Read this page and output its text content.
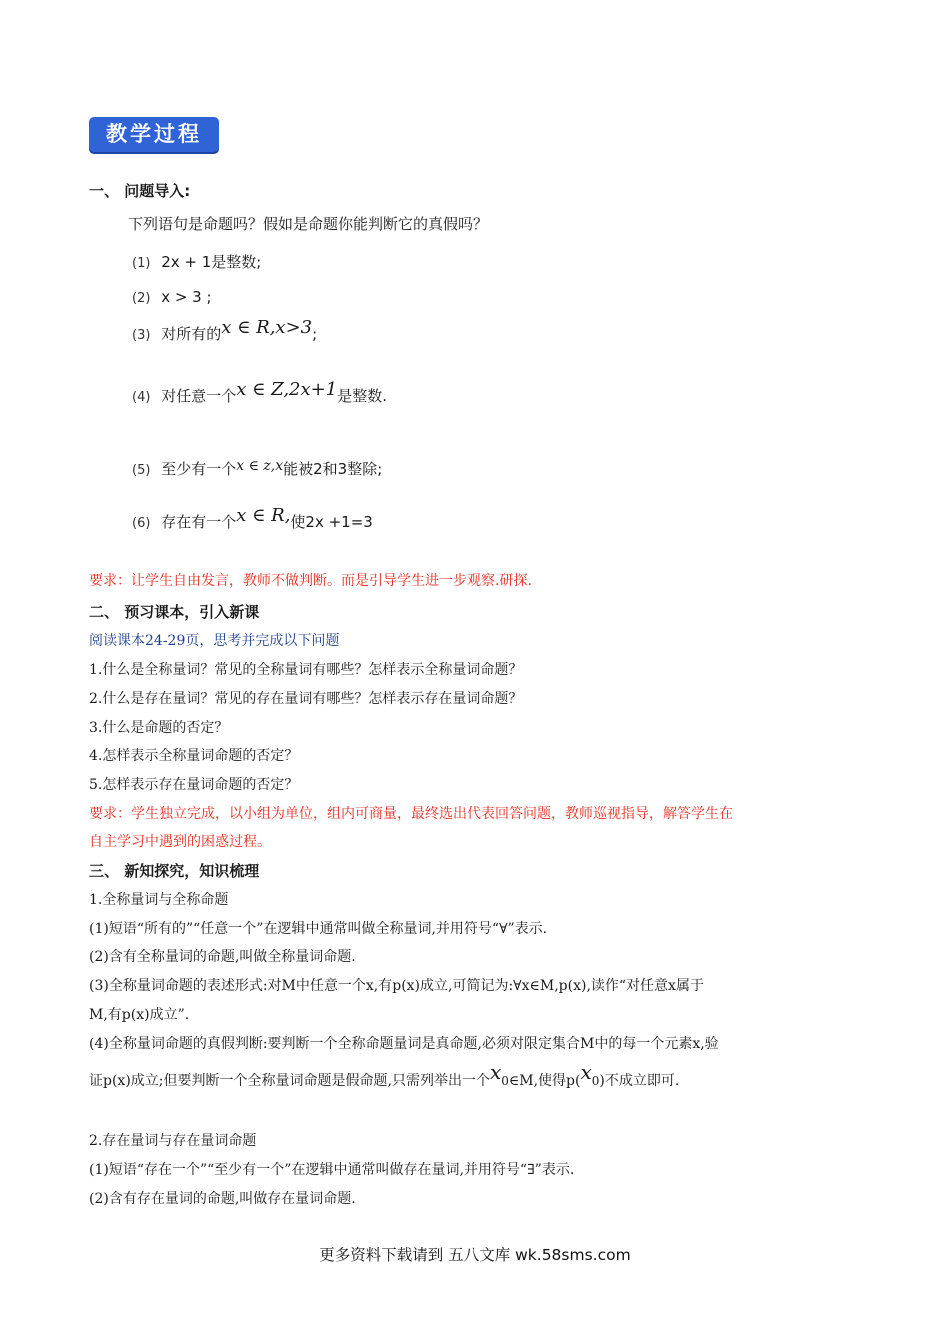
教学过程
一、 问题导入:
下列语句是命题吗？假如是命题你能判断它的真假吗？
(1) 2x + 1是整数;
(2) x > 3 ;
(3) 对所有的x ∈ R,x>3;
(4) 对任意一个x ∈ Z,2x+1是整数.
(5) 至少有一个x ∈ z,x能被2和3整除;
(6) 存在有一个x ∈ R,使2x +1=3
要求：让学生自由发言，教师不做判断。而是引导学生进一步观察.研探.
二、 预习课本，引入新课
阅读课本24-29页，思考并完成以下问题
1.什么是全称量词？常见的全称量词有哪些？怎样表示全称量词命题？
2.什么是存在量词？常见的存在量词有哪些？怎样表示存在量词命题？
3.什么是命题的否定？
4.怎样表示全称量词命题的否定？
5.怎样表示存在量词命题的否定？
要求：学生独立完成，以小组为单位，组内可商量，最终选出代表回答问题，教师巡视指导，解答学生在
自主学习中遇到的困惑过程。
三、 新知探究，知识梳理
1.全称量词与全称命题
(1)短语“所有的”“任意一个”在逻辑中通常叫做全称量词,并用符号“∀”表示.
(2)含有全称量词的命题,叫做全称量词命题.
(3)全称量词命题的表述形式:对M中任意一个x,有p(x)成立,可简记为:∀x∈M,p(x),读作“对任意x属于
M,有p(x)成立”.
(4)全称量词命题的真假判断:要判断一个全称命题量词是真命题,必须对限定集合M中的每一个元素x,验
证p(x)成立;但要判断一个全称量词命题是假命题,只需列举出一个x0∈M,使得p(x0)不成立即可.
2.存在量词与存在量词命题
(1)短语“存在一个”“至少有一个”在逻辑中通常叫做存在量词,并用符号“∃”表示.
(2)含有存在量词的命题,叫做存在量词命题.
更多资料下载请到 五八文库 wk.58sms.com
